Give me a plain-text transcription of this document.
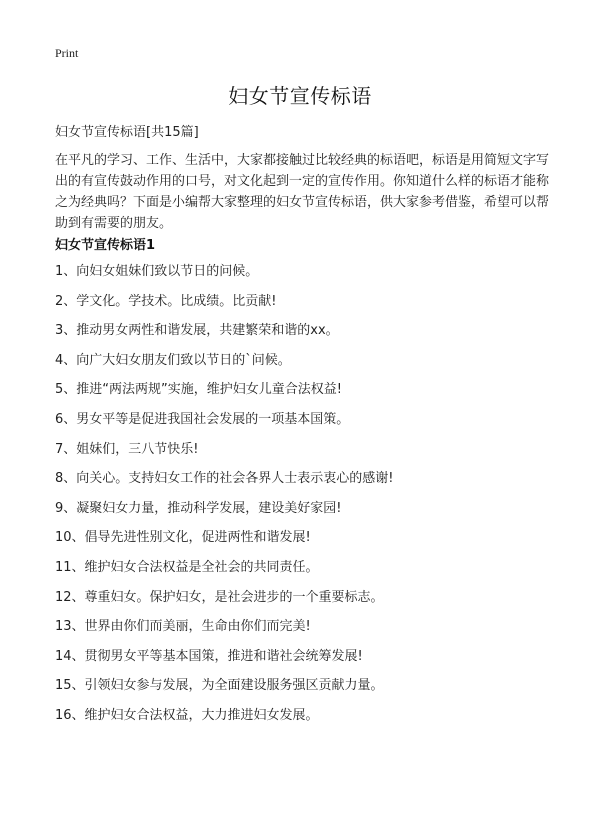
Print
妇女节宣传标语

妇女节宣传标语[共15篇]

在平凡的学习、工作、生活中，大家都接触过比较经典的标语吧，标语是用简短文字写出的有宣传鼓动作用的口号，对文化起到一定的宣传作用。你知道什么样的标语才能称之为经典吗？下面是小编帮大家整理的妇女节宣传标语，供大家参考借鉴，希望可以帮助到有需要的朋友。

妇女节宣传标语1
1、向妇女姐妹们致以节日的问候。
2、学文化。学技术。比成绩。比贡献!
3、推动男女两性和谐发展，共建繁荣和谐的xx。
4、向广大妇女朋友们致以节日的`问候。
5、推进“两法两规”实施，维护妇女儿童合法权益!
6、男女平等是促进我国社会发展的一项基本国策。
7、姐妹们，三八节快乐!
8、向关心。支持妇女工作的社会各界人士表示衷心的感谢!
9、凝聚妇女力量，推动科学发展，建设美好家园!
10、倡导先进性别文化，促进两性和谐发展!
11、维护妇女合法权益是全社会的共同责任。
12、尊重妇女。保护妇女，是社会进步的一个重要标志。
13、世界由你们而美丽，生命由你们而完美!
14、贯彻男女平等基本国策，推进和谐社会统筹发展!
15、引领妇女参与发展，为全面建设服务强区贡献力量。
16、维护妇女合法权益，大力推进妇女发展。
